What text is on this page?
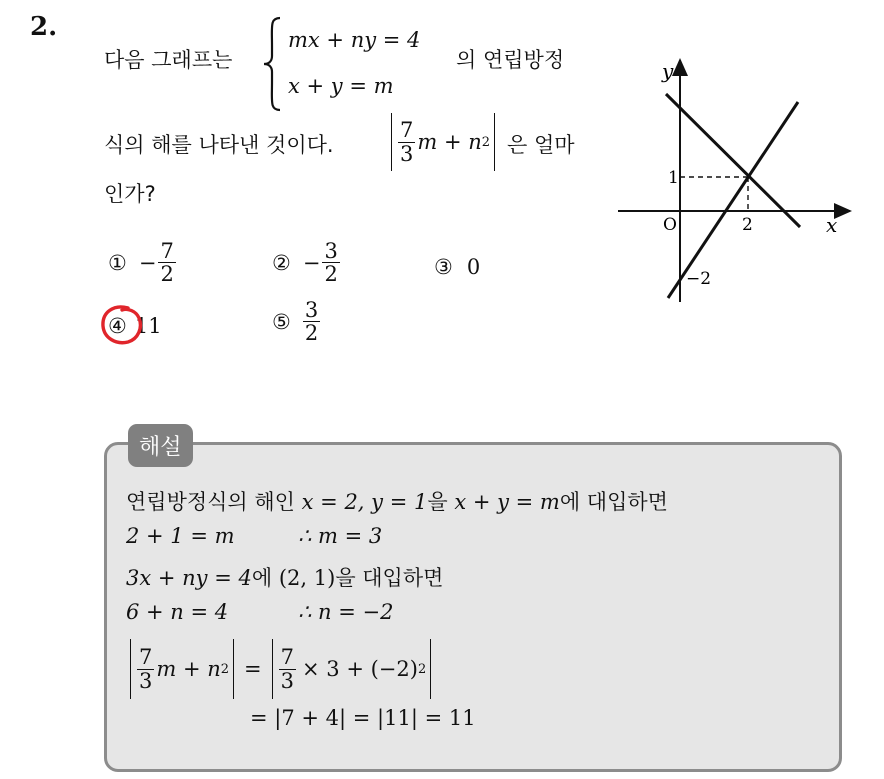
2.
다음 그래프는
mx + ny = 4
x + y = m
의 연립방정
식의 해를 나타낸 것이다.	$\frac{7}{3}$ m + n 2 은 얼마
인가?
① − $\frac{7}{2}$	② − $\frac{3}{2}$	③ 0
④ 11	⑤ $\frac{3}{2}$
y
x
O	2
1
−2
해설
연립방정식의 해인 x = 2, y = 1을 x + y = m에 대입하면
2 + 1 = m	∴ m = 3
3x + ny = 4에 (2, 1)을 대입하면
6 + n = 4	∴ n = −2
$\frac{7}{3}$ m + n $2 = \frac{7}{3} \times 3 + (-2)$ 2
= |7 + 4| = |11| = 11
